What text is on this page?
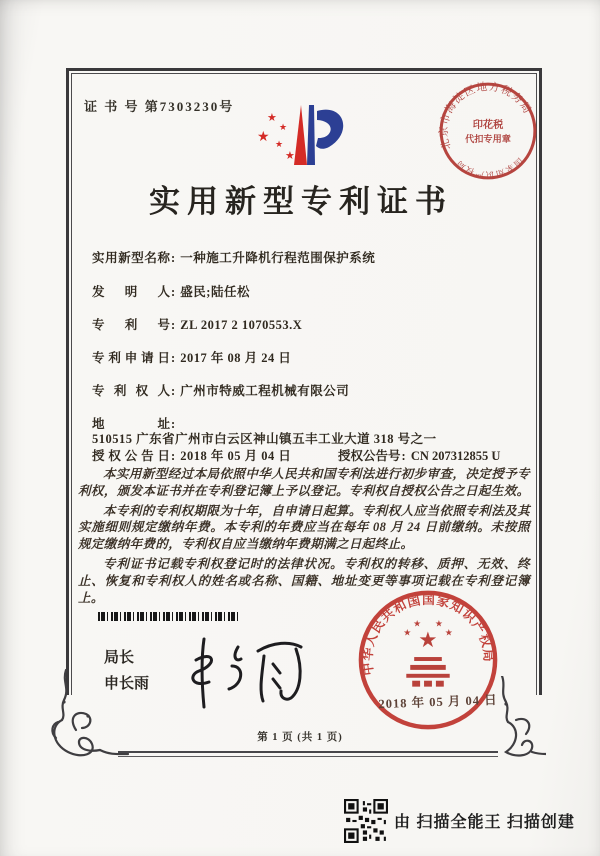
证 书 号 第7303230号
★
★
★ ★
★
北京市海淀区地方税务局
国家知识产权局
印花税
代扣专用章
实用新型专利证书
实用新型名称: 一种施工升降机行程范围保护系统
发明人: 盛民;陆任松
专利号: ZL 2017 2 1070553.X
专利申请日: 2017 年 08 月 24 日
专利权人: 广州市特威工程机械有限公司
地址: 510515 广东省广州市白云区神山镇五丰工业大道 318 号之一
授权公告日: 2018 年 05 月 04 日	授权公告号: CN 207312855 U

本实用新型经过本局依照中华人民共和国专利法进行初步审查，决定授予专利权，颁发本证书并在专利登记簿上予以登记。专利权自授权公告之日起生效。

本专利的专利权期限为十年，自申请日起算。专利权人应当依照专利法及其实施细则规定缴纳年费。本专利的年费应当在每年 08 月 24 日前缴纳。未按照规定缴纳年费的，专利权自应当缴纳年费期满之日起终止。

专利证书记载专利权登记时的法律状况。专利权的转移、质押、无效、终止、恢复和专利权人的姓名或名称、国籍、地址变更等事项记载在专利登记簿上。

局长
申长雨
中华人民共和国国家知识产权局
★
★
★ ★
★
2018 年 05 月 04 日
第 1 页 (共 1 页)
由 扫描全能王 扫描创建
